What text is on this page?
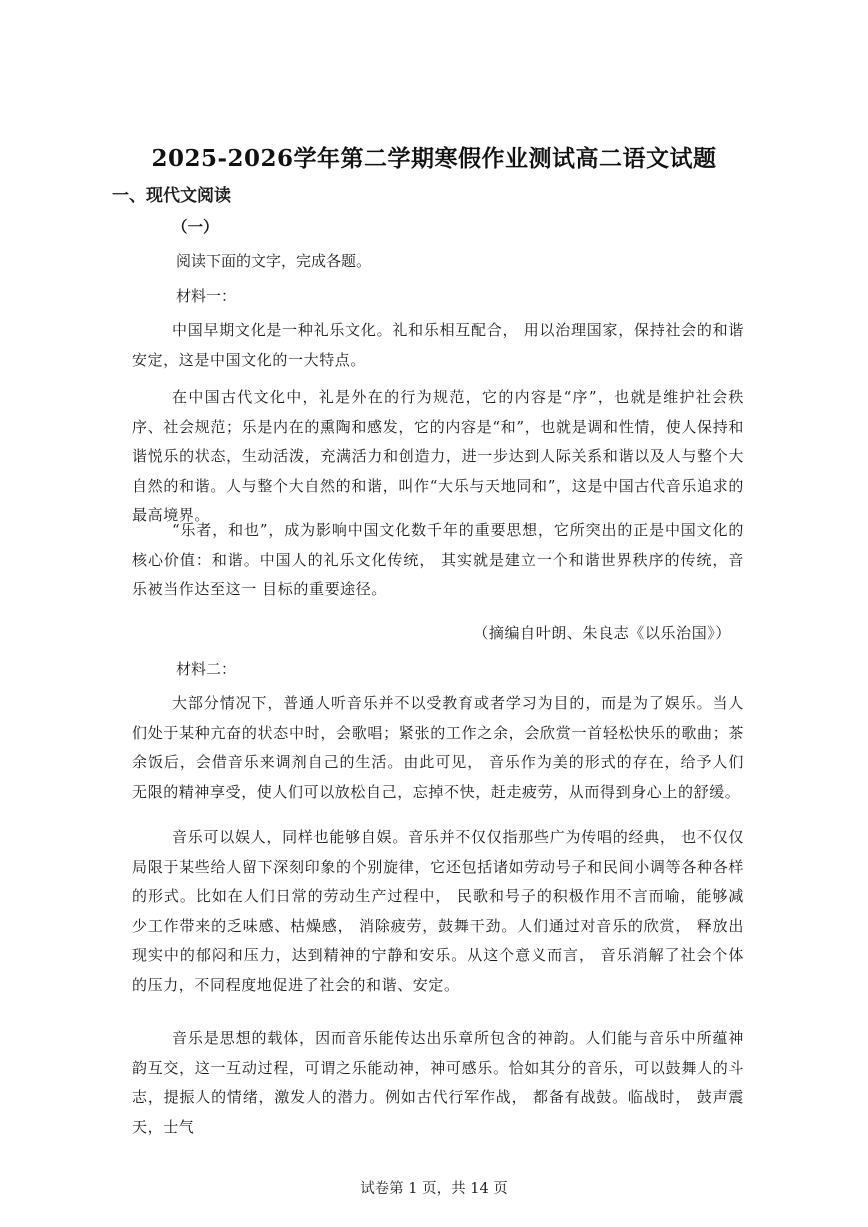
2025-2026学年第二学期寒假作业测试高二语文试题
一、现代文阅读
（一）
阅读下面的文字，完成各题。
材料一：

中国早期文化是一种礼乐文化。礼和乐相互配合， 用以治理国家，保持社会的和谐安定，这是中国文化的一大特点。

在中国古代文化中，礼是外在的行为规范，它的内容是“序”，也就是维护社会秩序、社会规范；乐是内在的熏陶和感发，它的内容是“和”，也就是调和性情，使人保持和谐悦乐的状态，生动活泼，充满活力和创造力，进一步达到人际关系和谐以及人与整个大自然的和谐。人与整个大自然的和谐，叫作“大乐与天地同和”，这是中国古代音乐追求的最高境界。

“乐者，和也”，成为影响中国文化数千年的重要思想，它所突出的正是中国文化的核心价值：和谐。中国人的礼乐文化传统， 其实就是建立一个和谐世界秩序的传统，音乐被当作达至这一 目标的重要途径。

（摘编自叶朗、朱良志《以乐治国》）
材料二：

大部分情况下，普通人听音乐并不以受教育或者学习为目的，而是为了娱乐。当人们处于某种亢奋的状态中时，会歌唱；紧张的工作之余，会欣赏一首轻松快乐的歌曲；茶余饭后，会借音乐来调剂自己的生活。由此可见， 音乐作为美的形式的存在，给予人们无限的精神享受，使人们可以放松自己，忘掉不快，赶走疲劳，从而得到身心上的舒缓。

音乐可以娱人，同样也能够自娱。音乐并不仅仅指那些广为传唱的经典， 也不仅仅局限于某些给人留下深刻印象的个别旋律，它还包括诸如劳动号子和民间小调等各种各样的形式。比如在人们日常的劳动生产过程中， 民歌和号子的积极作用不言而喻，能够减少工作带来的乏味感、枯燥感， 消除疲劳，鼓舞干劲。人们通过对音乐的欣赏， 释放出现实中的郁闷和压力，达到精神的宁静和安乐。从这个意义而言， 音乐消解了社会个体的压力，不同程度地促进了社会的和谐、安定。

音乐是思想的载体，因而音乐能传达出乐章所包含的神韵。人们能与音乐中所蕴神韵互交，这一互动过程，可谓之乐能动神，神可感乐。恰如其分的音乐，可以鼓舞人的斗志，提振人的情绪，激发人的潜力。例如古代行军作战， 都备有战鼓。临战时， 鼓声震天，士气

试卷第 1 页，共 14 页
